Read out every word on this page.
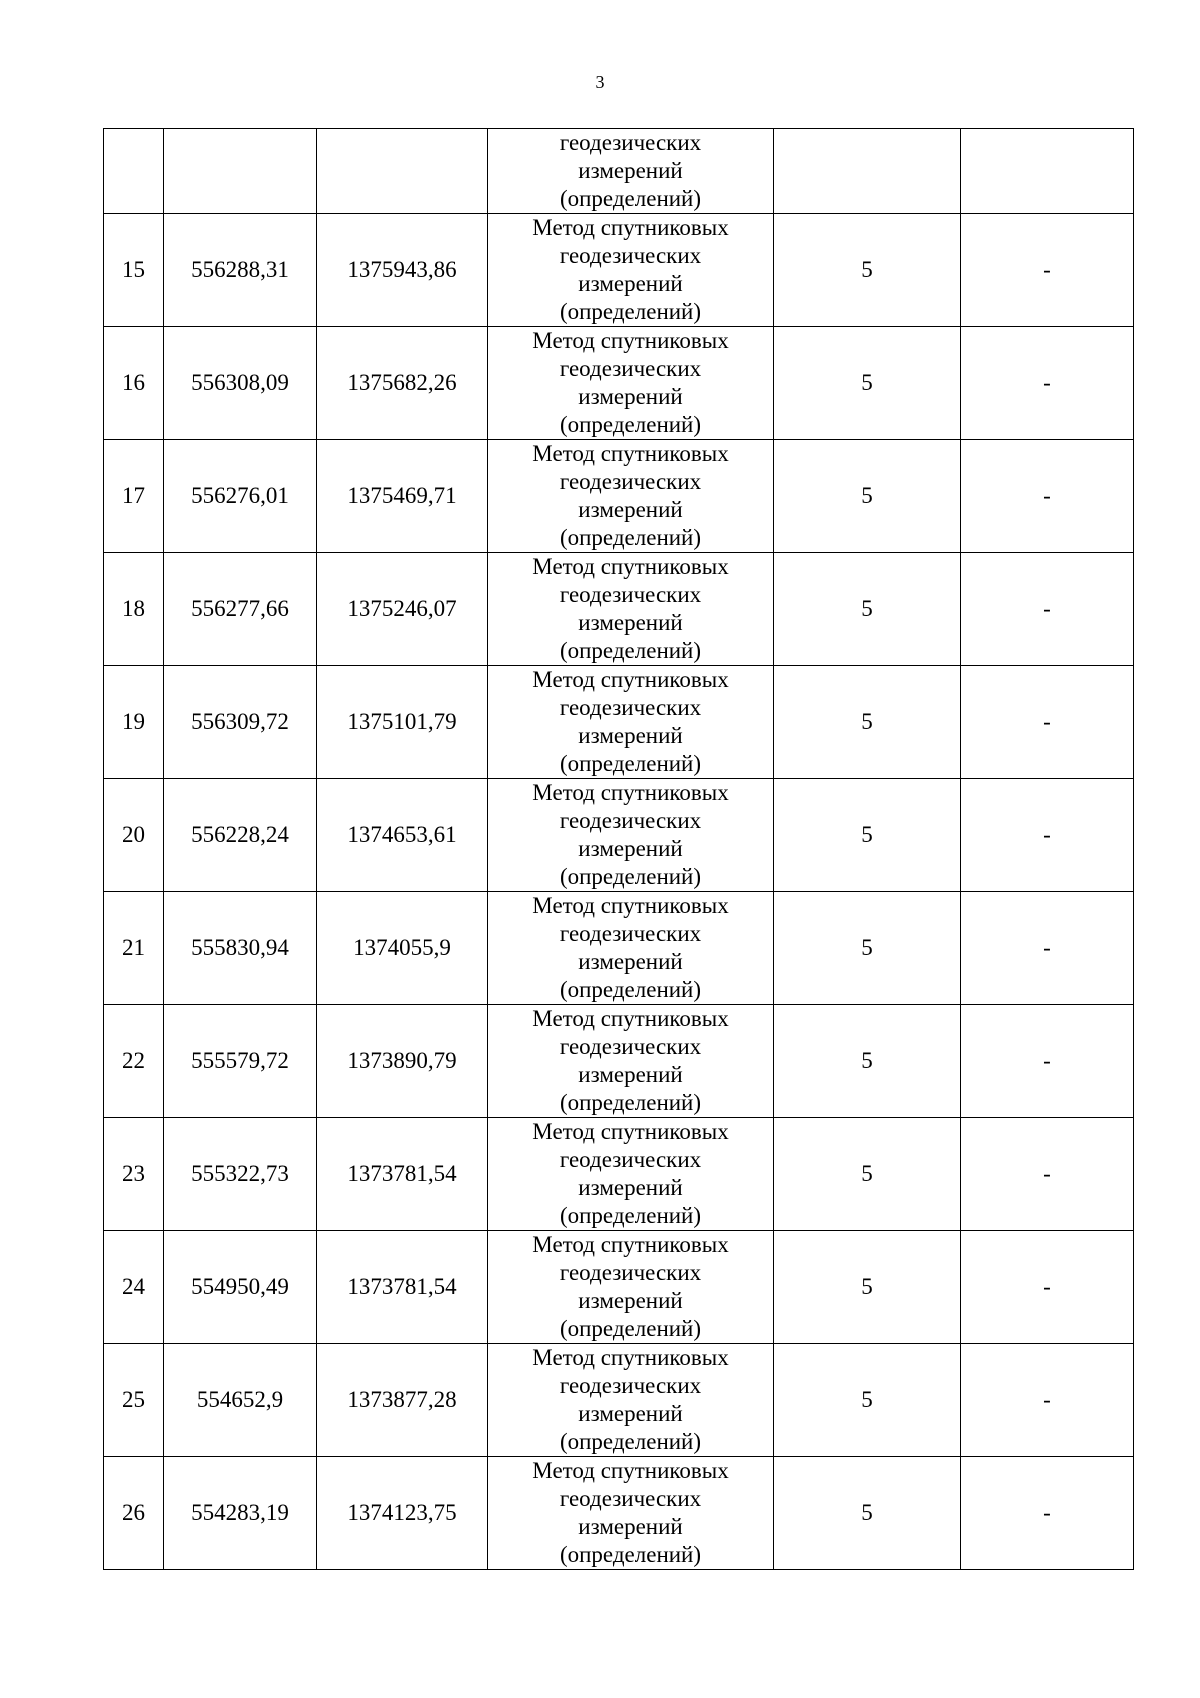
3

			геодезических
измерений
(определений)		

15	556288,31	1375943,86	Метод спутниковых
геодезических
измерений
(определений)	5	-
16	556308,09	1375682,26	Метод спутниковых
геодезических
измерений
(определений)	5	-
17	556276,01	1375469,71	Метод спутниковых
геодезических
измерений
(определений)	5	-
18	556277,66	1375246,07	Метод спутниковых
геодезических
измерений
(определений)	5	-
19	556309,72	1375101,79	Метод спутниковых
геодезических
измерений
(определений)	5	-
20	556228,24	1374653,61	Метод спутниковых
геодезических
измерений
(определений)	5	-
21	555830,94	1374055,9	Метод спутниковых
геодезических
измерений
(определений)	5	-
22	555579,72	1373890,79	Метод спутниковых
геодезических
измерений
(определений)	5	-
23	555322,73	1373781,54	Метод спутниковых
геодезических
измерений
(определений)	5	-
24	554950,49	1373781,54	Метод спутниковых
геодезических
измерений
(определений)	5	-
25	554652,9	1373877,28	Метод спутниковых
геодезических
измерений
(определений)	5	-
26	554283,19	1374123,75	Метод спутниковых
геодезических
измерений
(определений)	5	-
